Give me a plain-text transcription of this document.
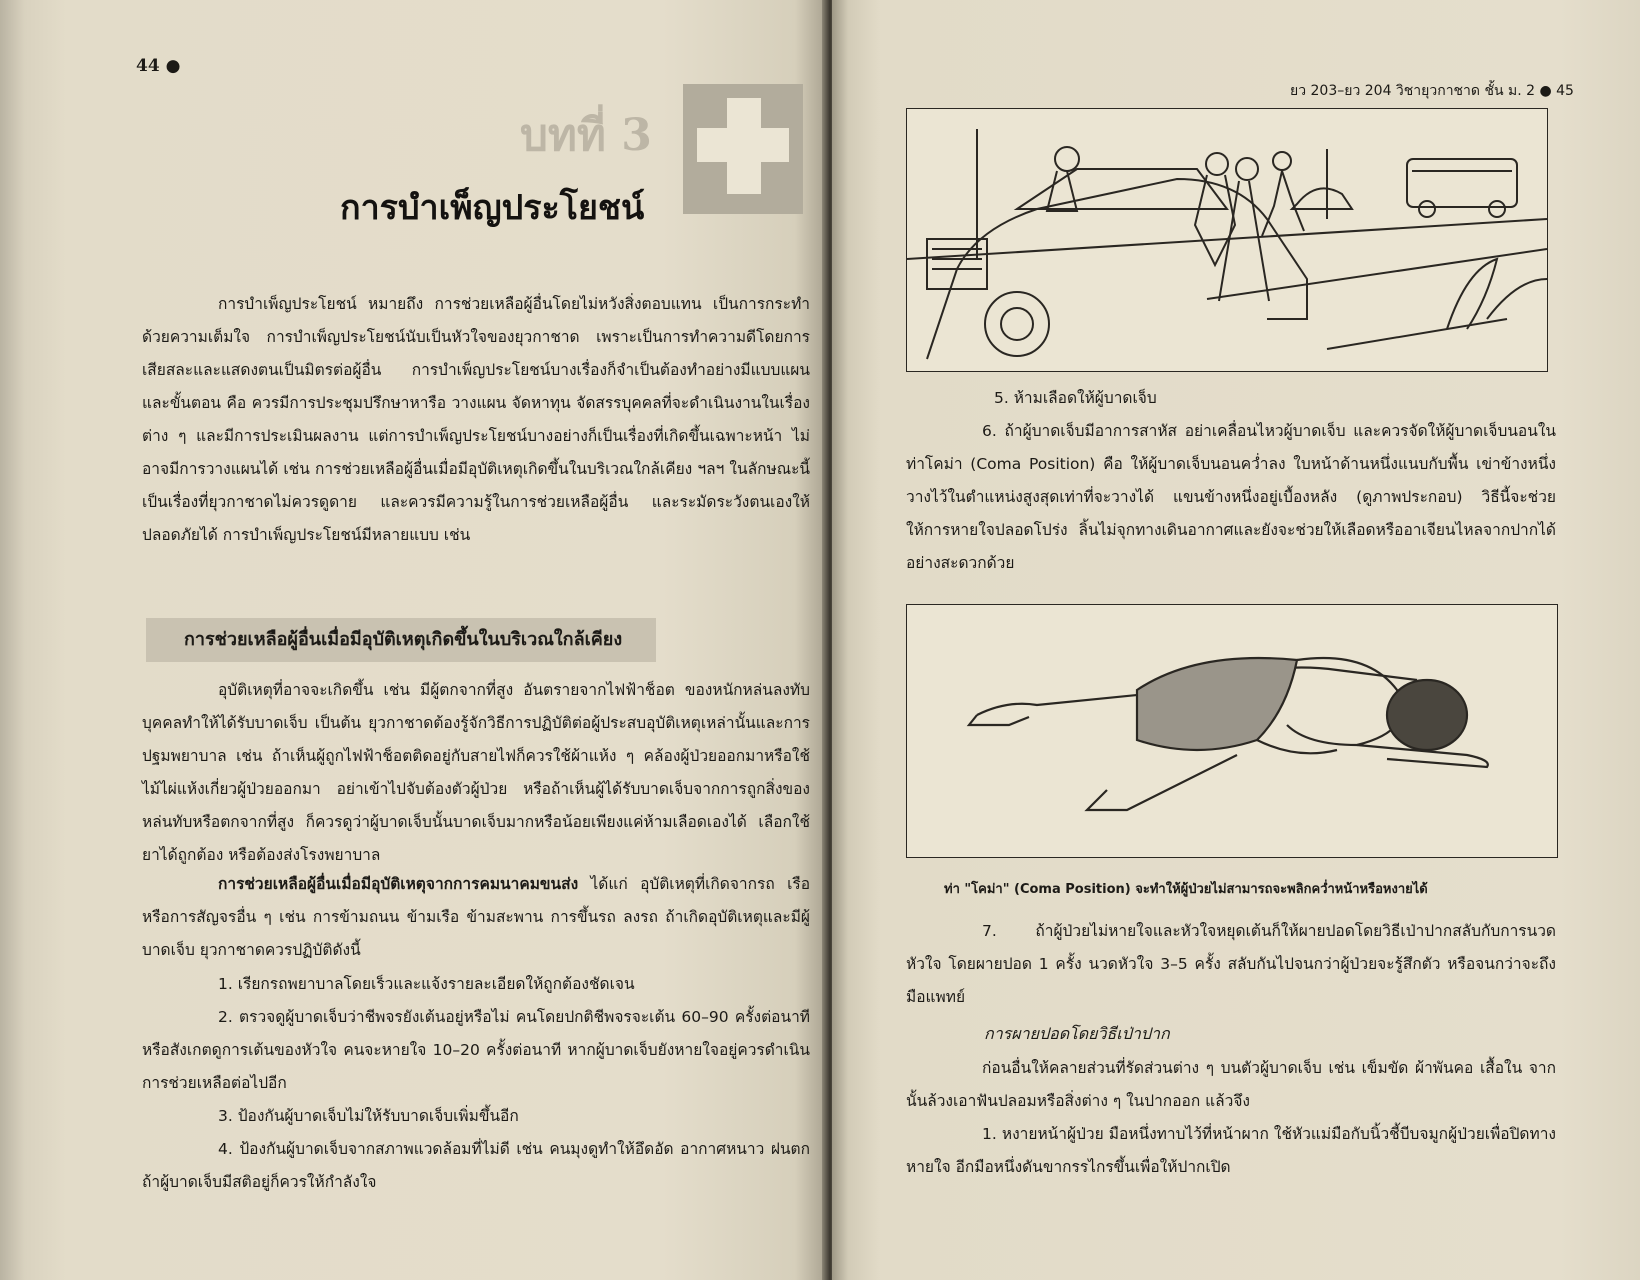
44 ●
บทที่ 3
การบำเพ็ญประโยชน์

การบำเพ็ญประโยชน์ หมายถึง การช่วยเหลือผู้อื่นโดยไม่หวังสิ่งตอบแทน เป็นการกระทำด้วยความเต็มใจ การบำเพ็ญประโยชน์นับเป็นหัวใจของยุวกาชาด เพราะเป็นการทำความดีโดยการเสียสละและแสดงตนเป็นมิตรต่อผู้อื่น การบำเพ็ญประโยชน์บางเรื่องก็จำเป็นต้องทำอย่างมีแบบแผนและขั้นตอน คือ ควรมีการประชุมปรึกษาหารือ วางแผน จัดหาทุน จัดสรรบุคคลที่จะดำเนินงานในเรื่องต่าง ๆ และมีการประเมินผลงาน แต่การบำเพ็ญประโยชน์บางอย่างก็เป็นเรื่องที่เกิดขึ้นเฉพาะหน้า ไม่อาจมีการวางแผนได้ เช่น การช่วยเหลือผู้อื่นเมื่อมีอุบัติเหตุเกิดขึ้นในบริเวณใกล้เคียง ฯลฯ ในลักษณะนี้เป็นเรื่องที่ยุวกาชาดไม่ควรดูดาย และควรมีความรู้ในการช่วยเหลือผู้อื่น และระมัดระวังตนเองให้ปลอดภัยได้ การบำเพ็ญประโยชน์มีหลายแบบ เช่น

การช่วยเหลือผู้อื่นเมื่อมีอุบัติเหตุเกิดขึ้นในบริเวณใกล้เคียง

อุบัติเหตุที่อาจจะเกิดขึ้น เช่น มีผู้ตกจากที่สูง อันตรายจากไฟฟ้าช็อต ของหนักหล่นลงทับบุคคลทำให้ได้รับบาดเจ็บ เป็นต้น ยุวกาชาดต้องรู้จักวิธีการปฏิบัติต่อผู้ประสบอุบัติเหตุเหล่านั้นและการปฐมพยาบาล เช่น ถ้าเห็นผู้ถูกไฟฟ้าช็อตติดอยู่กับสายไฟก็ควรใช้ผ้าแห้ง ๆ คล้องผู้ป่วยออกมาหรือใช้ไม้ไผ่แห้งเกี่ยวผู้ป่วยออกมา อย่าเข้าไปจับต้องตัวผู้ป่วย หรือถ้าเห็นผู้ได้รับบาดเจ็บจากการถูกสิ่งของหล่นทับหรือตกจากที่สูง ก็ควรดูว่าผู้บาดเจ็บนั้นบาดเจ็บมากหรือน้อยเพียงแค่ห้ามเลือดเองได้ เลือกใช้ยาได้ถูกต้อง หรือต้องส่งโรงพยาบาล

การช่วยเหลือผู้อื่นเมื่อมีอุบัติเหตุจากการคมนาคมขนส่ง ได้แก่ อุบัติเหตุที่เกิดจากรถ เรือ หรือการสัญจรอื่น ๆ เช่น การข้ามถนน ข้ามเรือ ข้ามสะพาน การขึ้นรถ ลงรถ ถ้าเกิดอุบัติเหตุและมีผู้บาดเจ็บ ยุวกาชาดควรปฏิบัติดังนี้

1. เรียกรถพยาบาลโดยเร็วและแจ้งรายละเอียดให้ถูกต้องชัดเจน

2. ตรวจดูผู้บาดเจ็บว่าชีพจรยังเต้นอยู่หรือไม่ คนโดยปกติชีพจรจะเต้น 60–90 ครั้งต่อนาที หรือสังเกตดูการเต้นของหัวใจ คนจะหายใจ 10–20 ครั้งต่อนาที หากผู้บาดเจ็บยังหายใจอยู่ควรดำเนินการช่วยเหลือต่อไปอีก

3. ป้องกันผู้บาดเจ็บไม่ให้รับบาดเจ็บเพิ่มขึ้นอีก

4. ป้องกันผู้บาดเจ็บจากสภาพแวดล้อมที่ไม่ดี เช่น คนมุงดูทำให้อึดอัด อากาศหนาว ฝนตก ถ้าผู้บาดเจ็บมีสติอยู่ก็ควรให้กำลังใจ

ยว 203–ยว 204 วิชายุวกาชาด ชั้น ม. 2 ● 45
5. ห้ามเลือดให้ผู้บาดเจ็บ

6. ถ้าผู้บาดเจ็บมีอาการสาหัส อย่าเคลื่อนไหวผู้บาดเจ็บ และควรจัดให้ผู้บาดเจ็บนอนในท่าโคม่า (Coma Position) คือ ให้ผู้บาดเจ็บนอนคว่ำลง ใบหน้าด้านหนึ่งแนบกับพื้น เข่าข้างหนึ่งวางไว้ในตำแหน่งสูงสุดเท่าที่จะวางได้ แขนข้างหนึ่งอยู่เบื้องหลัง (ดูภาพประกอบ) วิธีนี้จะช่วยให้การหายใจปลอดโปร่ง ลิ้นไม่จุกทางเดินอากาศและยังจะช่วยให้เลือดหรืออาเจียนไหลจากปากได้อย่างสะดวกด้วย

ท่า "โคม่า" (Coma Position) จะทำให้ผู้ป่วยไม่สามารถจะพลิกคว่ำหน้าหรือหงายได้

7. ถ้าผู้ป่วยไม่หายใจและหัวใจหยุดเต้นก็ให้ผายปอดโดยวิธีเป่าปากสลับกับการนวดหัวใจ โดยผายปอด 1 ครั้ง นวดหัวใจ 3–5 ครั้ง สลับกันไปจนกว่าผู้ป่วยจะรู้สึกตัว หรือจนกว่าจะถึงมือแพทย์

การผายปอดโดยวิธีเป่าปาก

ก่อนอื่นให้คลายส่วนที่รัดส่วนต่าง ๆ บนตัวผู้บาดเจ็บ เช่น เข็มขัด ผ้าพันคอ เสื้อใน จากนั้นล้วงเอาฟันปลอมหรือสิ่งต่าง ๆ ในปากออก แล้วจึง

1. หงายหน้าผู้ป่วย มือหนึ่งทาบไว้ที่หน้าผาก ใช้หัวแม่มือกับนิ้วชี้บีบจมูกผู้ป่วยเพื่อปิดทางหายใจ อีกมือหนึ่งดันขากรรไกรขึ้นเพื่อให้ปากเปิด
